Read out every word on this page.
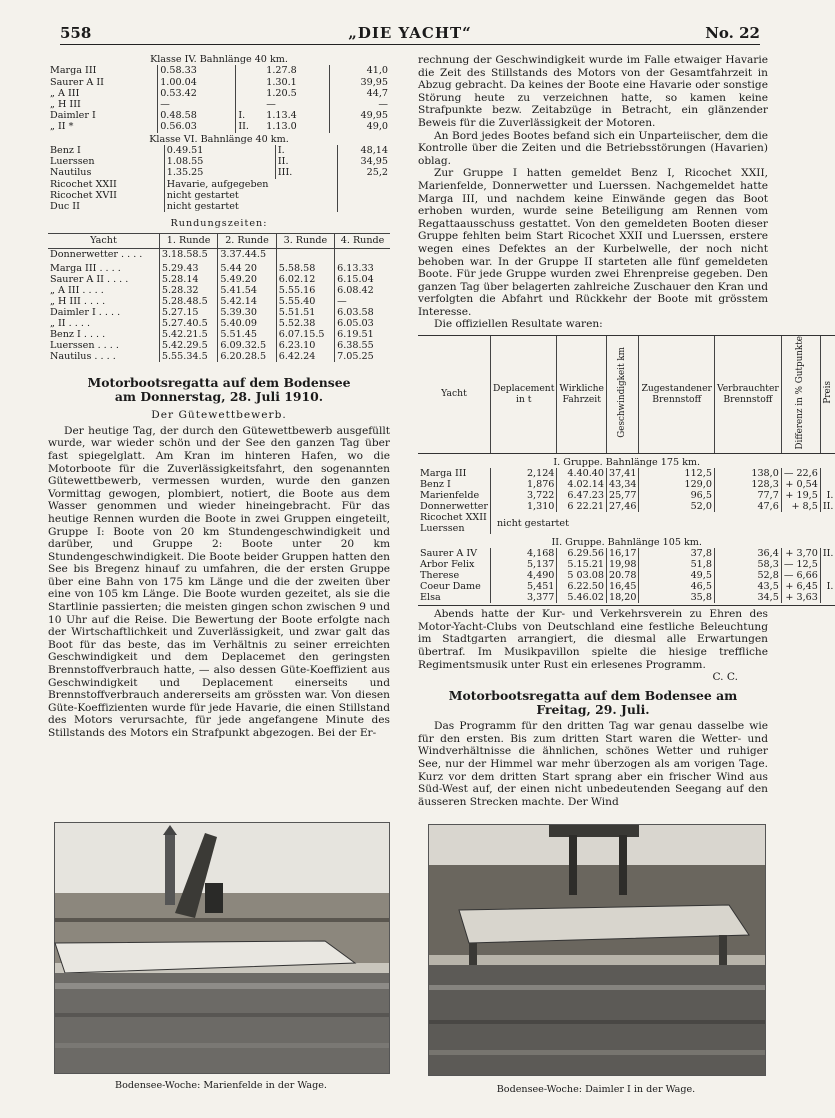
558	„DIE YACHT“	No. 22
Klasse IV. Bahnlänge 40 km.
Marga III	0.58.33		1.27.8	41,0
Saurer A II	1.00.04		1.30.1	39,95
„ A III	0.53.42		1.20.5	44,7
„ H III	—		—	—
Daimler I	0.48.58	I.	1.13.4	49,95
„ II *	0.56.03	II.	1.13.0	49,0
Klasse VI. Bahnlänge 40 km.
Benz I	0.49.51	I.		48,14
Luerssen	1.08.55	II.		34,95
Nautilus	1.35.25	III.		25,2
Ricochet XXII	Havarie, aufgegeben			
Ricochet XVII	nicht gestartet			
Duc II	nicht gestartet			
Rundungszeiten:
Yacht	1. Runde	2. Runde	3. Runde	4. Runde
Donnerwetter . . . .	3.18.58.5	3.37.44.5		
Marga III . . . .	5.29.43	5.44 20	5.58.58	6.13.33
Saurer A II . . . .	5.28.14	5.49.20	6.02.12	6.15.04
„ A III . . . .	5.28.32	5.41.54	5.55.16	6.08.42
„ H III . . . .	5.28.48.5	5.42.14	5.55.40	—
Daimler I . . . .	5.27.15	5.39.30	5.51.51	6.03.58
„ II . . . .	5.27.40.5	5.40.09	5.52.38	6.05.03
Benz I . . . .	5.42.21.5	5.51.45	6.07.15.5	6.19.51
Luerssen . . . .	5.42.29.5	6.09.32.5	6.23.10	6.38.55
Nautilus . . . .	5.55.34.5	6.20.28.5	6.42.24	7.05.25
Motorbootsregatta auf dem Bodensee am Donnerstag, 28. Juli 1910.
Der Gütewettbewerb.

Der heutige Tag, der durch den Gütewettbewerb ausgefüllt wurde, war wieder schön und der See den ganzen Tag über fast spiegelglatt. Am Kran im hinteren Hafen, wo die Motorboote für die Zuverlässigkeitsfahrt, den sogenannten Gütewettbewerb, vermessen wurden, wurde den ganzen Vormittag gewogen, plombiert, notiert, die Boote aus dem Wasser genommen und wieder hineingebracht. Für das heutige Rennen wurden die Boote in zwei Gruppen eingeteilt, Gruppe I: Boote von 20 km Stundengeschwindigkeit und darüber, und Gruppe 2: Boote unter 20 km Stundengeschwindigkeit. Die Boote beider Gruppen hatten den See bis Bregenz hinauf zu umfahren, die der ersten Gruppe über eine Bahn von 175 km Länge und die der zweiten über eine von 105 km Länge. Die Boote wurden gezeitet, als sie die Startlinie passierten; die meisten gingen schon zwischen 9 und 10 Uhr auf die Reise. Die Bewertung der Boote erfolgte nach der Wirtschaftlichkeit und Zuverlässigkeit, und zwar galt das Boot für das beste, das im Verhältnis zu seiner erreichten Geschwindigkeit und dem Deplacemet den geringsten Brennstoffverbrauch hatte, — also dessen Güte-Koeffizient aus Geschwindigkeit und Deplacement einerseits und Brennstoffverbrauch andererseits am grössten war. Von diesen Güte-Koeffizienten wurde für jede Havarie, die einen Stillstand des Motors verursachte, für jede angefangene Minute des Stillstands des Motors ein Strafpunkt abgezogen. Bei der Er-

Bodensee-Woche: Marienfelde in der Wage.

rechnung der Geschwindigkeit wurde im Falle etwaiger Havarie die Zeit des Stillstands des Motors von der Gesamtfahrzeit in Abzug gebracht. Da keines der Boote eine Havarie oder sonstige Störung heute zu verzeichnen hatte, so kamen keine Strafpunkte bezw. Zeitabzüge in Betracht, ein glänzender Beweis für die Zuverlässigkeit der Motoren.

An Bord jedes Bootes befand sich ein Unparteiischer, dem die Kontrolle über die Zeiten und die Betriebsstörungen (Havarien) oblag.

Zur Gruppe I hatten gemeldet Benz I, Ricochet XXII, Marienfelde, Donnerwetter und Luerssen. Nachgemeldet hatte Marga III, und nachdem keine Einwände gegen das Boot erhoben wurden, wurde seine Beteiligung am Rennen vom Regattaausschuss gestattet. Von den gemeldeten Booten dieser Gruppe fehlten beim Start Ricochet XXII und Luerssen, erstere wegen eines Defektes an der Kurbelwelle, der noch nicht behoben war. In der Gruppe II starteten alle fünf gemeldeten Boote. Für jede Gruppe wurden zwei Ehrenpreise gegeben. Den ganzen Tag über belagerten zahlreiche Zuschauer den Kran und verfolgten die Abfahrt und Rückkehr der Boote mit grösstem Interesse.

Die offiziellen Resultate waren:

Yacht	Deplacement in t	Wirkliche Fahrzeit	Geschwindigkeit km	Zugestandener Brennstoff	Verbrauchter Brennstoff	Differenz in % Gutpunkte	Preis
I. Gruppe. Bahnlänge 175 km.							
Marga III	2,124	4.40.40	37,41	112,5	138,0	— 22,6	
Benz I	1,876	4.02.14	43,34	129,0	128,3	+ 0,54	
Marienfelde	3,722	6.47.23	25,77	96,5	77,7	+ 19,5	I.
Donnerwetter	1,310	6 22.21	27,46	52,0	47,6	+ 8,5	II.
Ricochet XXII	nicht gestartet						
Luerssen							
II. Gruppe. Bahnlänge 105 km.							
Saurer A IV	4,168	6.29.56	16,17	37,8	36,4	+ 3,70	II.
Arbor Felix	5,137	5.15.21	19,98	51,8	58,3	— 12,5	
Therese	4,490	5 03.08	20.78	49,5	52,8	— 6,66	
Coeur Dame	5,451	6.22.50	16,45	46,5	43,5	+ 6,45	I.
Elsa	3,377	5.46.02	18,20	35,8	34,5	+ 3,63	

Abends hatte der Kur- und Verkehrsverein zu Ehren des Motor-Yacht-Clubs von Deutschland eine festliche Beleuchtung im Stadtgarten arrangiert, die diesmal alle Erwartungen übertraf. Im Musikpavillon spielte die hiesige treffliche Regimentsmusik unter Rust ein erlesenes Programm.
C. C.

Motorbootsregatta auf dem Bodensee am Freitag, 29. Juli.

Das Programm für den dritten Tag war genau dasselbe wie für den ersten. Bis zum dritten Start waren die Wetter- und Windverhältnisse die ähnlichen, schönes Wetter und ruhiger See, nur der Himmel war mehr überzogen als am vorigen Tage. Kurz vor dem dritten Start sprang aber ein frischer Wind aus Süd-West auf, der einen nicht unbedeutenden Seegang auf den äusseren Strecken machte. Der Wind

Bodensee-Woche: Daimler I in der Wage.
